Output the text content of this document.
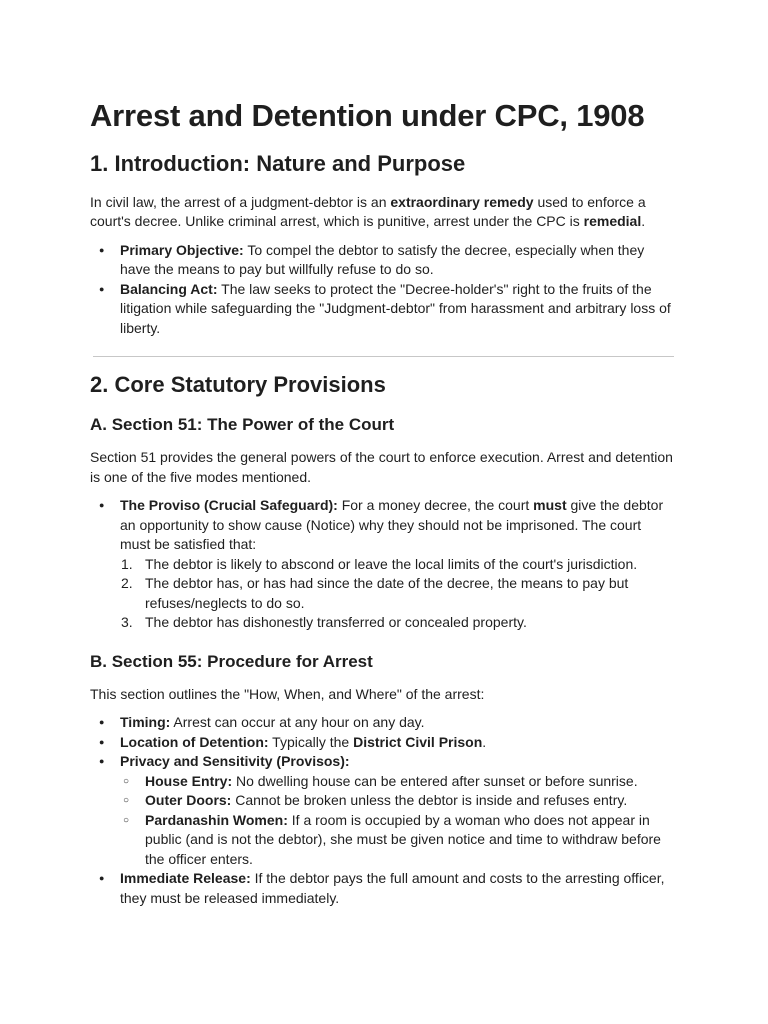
Arrest and Detention under CPC, 1908
1. Introduction: Nature and Purpose

In civil law, the arrest of a judgment-debtor is an extraordinary remedy used to enforce a court's decree. Unlike criminal arrest, which is punitive, arrest under the CPC is remedial.

● Primary Objective: To compel the debtor to satisfy the decree, especially when they have the means to pay but willfully refuse to do so.
● Balancing Act: The law seeks to protect the "Decree-holder's" right to the fruits of the litigation while safeguarding the "Judgment-debtor" from harassment and arbitrary loss of liberty.
2. Core Statutory Provisions
A. Section 51: The Power of the Court

Section 51 provides the general powers of the court to enforce execution. Arrest and detention is one of the five modes mentioned.

● The Proviso (Crucial Safeguard): For a money decree, the court must give the debtor an opportunity to show cause (Notice) why they should not be imprisoned. The court must be satisfied that:
1. The debtor is likely to abscond or leave the local limits of the court's jurisdiction.
2. The debtor has, or has had since the date of the decree, the means to pay but refuses/neglects to do so.
3. The debtor has dishonestly transferred or concealed property.
B. Section 55: Procedure for Arrest

This section outlines the "How, When, and Where" of the arrest:

● Timing: Arrest can occur at any hour on any day.
● Location of Detention: Typically the District Civil Prison.
● Privacy and Sensitivity (Provisos):
○ House Entry: No dwelling house can be entered after sunset or before sunrise.
○ Outer Doors: Cannot be broken unless the debtor is inside and refuses entry.
○ Pardanashin Women: If a room is occupied by a woman who does not appear in public (and is not the debtor), she must be given notice and time to withdraw before the officer enters.
● Immediate Release: If the debtor pays the full amount and costs to the arresting officer, they must be released immediately.
